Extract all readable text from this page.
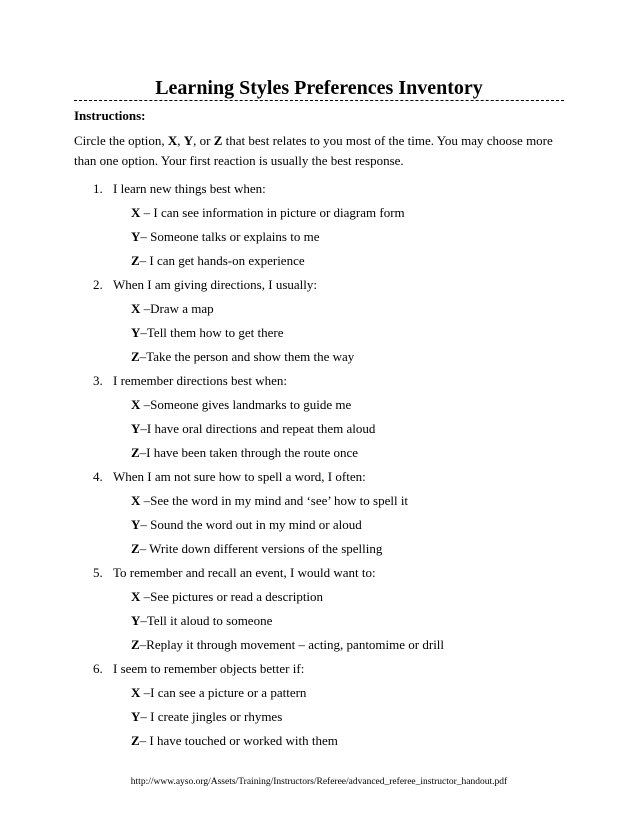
Learning Styles Preferences Inventory
Instructions:
Circle the option, X, Y, or Z that best relates to you most of the time. You may choose more than one option. Your first reaction is usually the best response.
1. I learn new things best when:
X – I can see information in picture or diagram form
Y– Someone talks or explains to me
Z– I can get hands-on experience
2. When I am giving directions, I usually:
X –Draw a map
Y–Tell them how to get there
Z–Take the person and show them the way
3. I remember directions best when:
X –Someone gives landmarks to guide me
Y–I have oral directions and repeat them aloud
Z–I have been taken through the route once
4. When I am not sure how to spell a word, I often:
X –See the word in my mind and ‘see’ how to spell it
Y– Sound the word out in my mind or aloud
Z– Write down different versions of the spelling
5. To remember and recall an event, I would want to:
X –See pictures or read a description
Y–Tell it aloud to someone
Z–Replay it through movement – acting, pantomime or drill
6. I seem to remember objects better if:
X –I can see a picture or a pattern
Y– I create jingles or rhymes
Z– I have touched or worked with them
http://www.ayso.org/Assets/Training/Instructors/Referee/advanced_referee_instructor_handout.pdf
